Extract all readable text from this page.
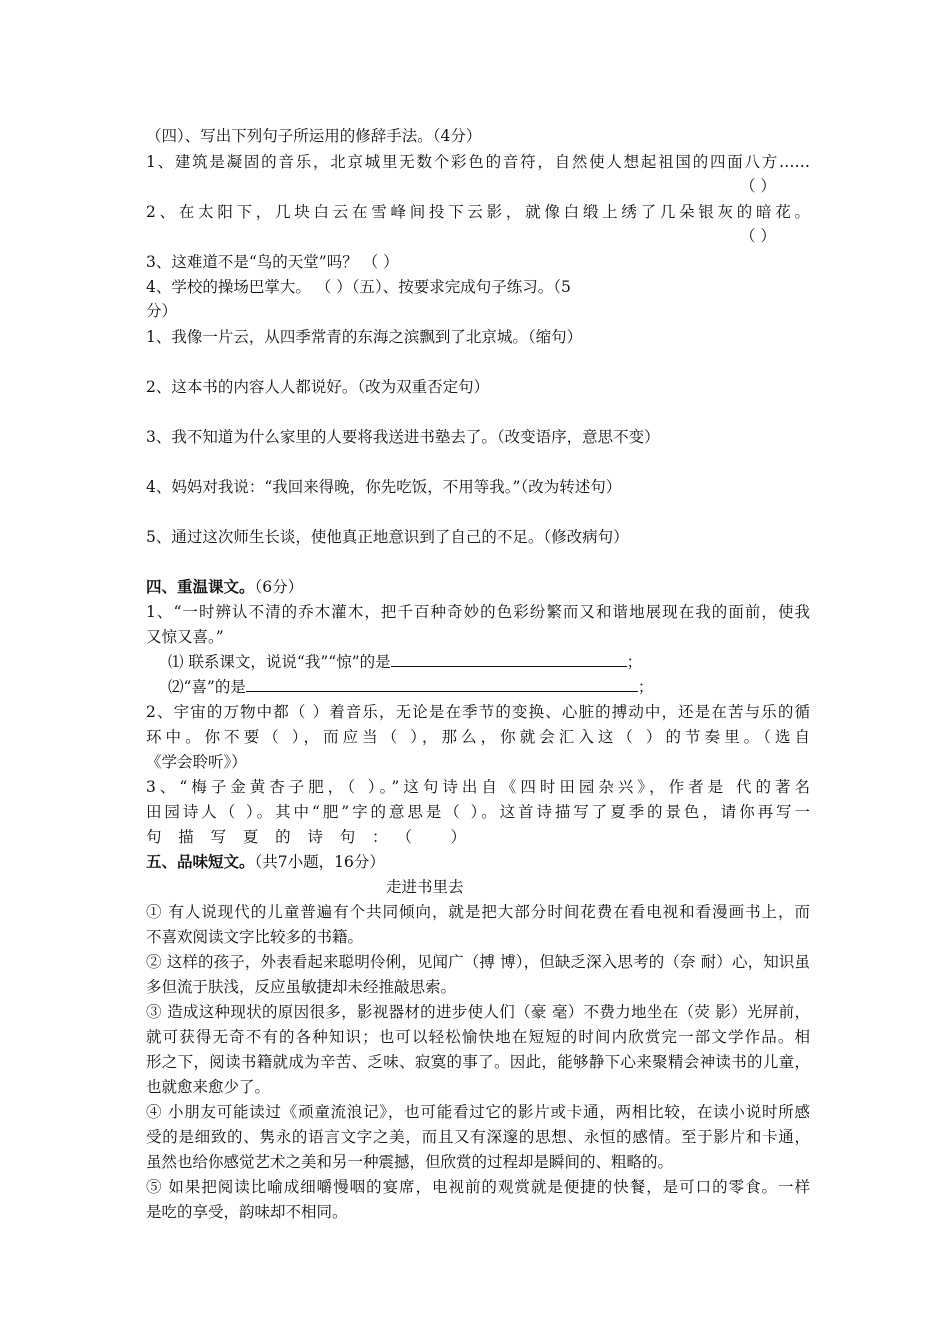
（四）、写出下列句子所运用的修辞手法。（4分）
1、建筑是凝固的音乐，北京城里无数个彩色的音符，自然使人想起祖国的四面八方……
（ ）
2、在太阳下，几块白云在雪峰间投下云影，就像白缎上绣了几朵银灰的暗花。
（ ）
3、这难道不是“鸟的天堂”吗？ （ ）
4、学校的操场巴掌大。 （ ）（五）、按要求完成句子练习。（5
分）
1、我像一片云，从四季常青的东海之滨飘到了北京城。（缩句）
2、这本书的内容人人都说好。（改为双重否定句）
3、我不知道为什么家里的人要将我送进书塾去了。（改变语序，意思不变）
4、妈妈对我说：“我回来得晚，你先吃饭，不用等我。”（改为转述句）
5、通过这次师生长谈，使他真正地意识到了自己的不足。（修改病句）
四、重温课文。（6分）
1、“一时辨认不清的乔木灌木，把千百种奇妙的色彩纷繁而又和谐地展现在我的面前，使我
又惊又喜。”
⑴ 联系课文，说说“我”“惊”的是	；
⑵“喜”的是	；
2、宇宙的万物中都（ ）着音乐，无论是在季节的变换、心脏的搏动中，还是在苦与乐的循
环中。你不要（ ），而应当（ ），那么，你就会汇入这（ ）的节奏里。（选自
《学会聆听》）
3、“梅子金黄杏子肥，（ ）。”这句诗出自《四时田园杂兴》，作者是 代的著名
田园诗人（ ）。其中“肥”字的意思是（ ）。这首诗描写了夏季的景色，请你再写一
句描写夏的诗句：（ ）
五、品味短文。（共7小题，16分）
走进书里去
① 有人说现代的儿童普遍有个共同倾向，就是把大部分时间花费在看电视和看漫画书上，而
不喜欢阅读文字比较多的书籍。
② 这样的孩子，外表看起来聪明伶俐，见闻广（搏 博），但缺乏深入思考的（奈 耐）心，知识虽
多但流于肤浅，反应虽敏捷却未经推敲思索。
③ 造成这种现状的原因很多，影视器材的进步使人们（豪 毫）不费力地坐在（荧 影）光屏前，
就可获得无奇不有的各种知识；也可以轻松愉快地在短短的时间内欣赏完一部文学作品。相
形之下，阅读书籍就成为辛苦、乏味、寂寞的事了。因此，能够静下心来聚精会神读书的儿童，
也就愈来愈少了。
④ 小朋友可能读过《顽童流浪记》，也可能看过它的影片或卡通，两相比较，在读小说时所感
受的是细致的、隽永的语言文字之美，而且又有深邃的思想、永恒的感情。至于影片和卡通，
虽然也给你感觉艺术之美和另一种震撼，但欣赏的过程却是瞬间的、粗略的。
⑤ 如果把阅读比喻成细嚼慢咽的宴席，电视前的观赏就是便捷的快餐，是可口的零食。一样
是吃的享受，韵味却不相同。
